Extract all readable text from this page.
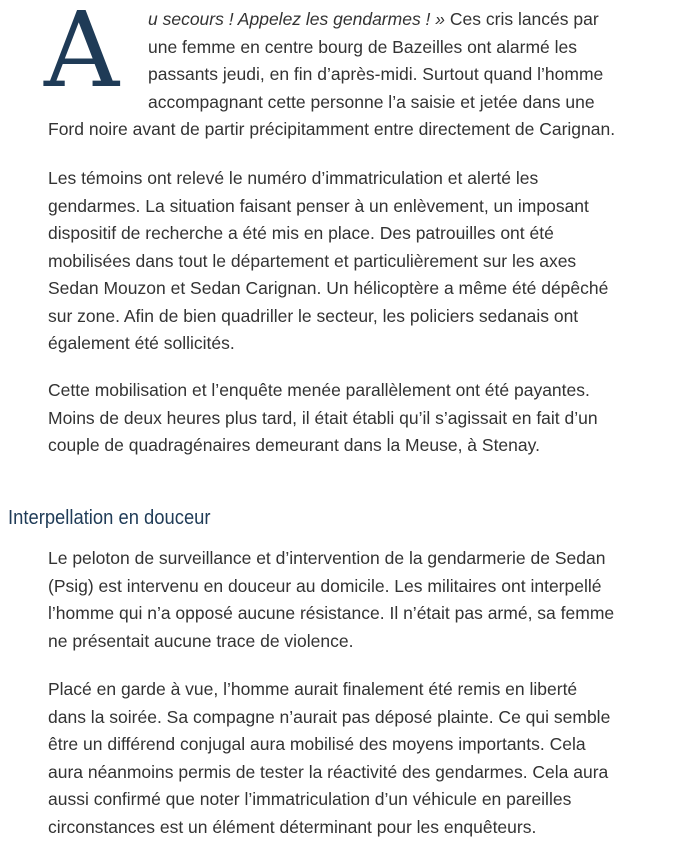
A	u secours ! Appelez les gendarmes ! » Ces cris lancés par
une femme en centre bourg de Bazeilles ont alarmé les
passants jeudi, en fin d’après-midi. Surtout quand l’homme
accompagnant cette personne l’a saisie et jetée dans une
Ford noire avant de partir précipitamment entre directement de Carignan.

Les témoins ont relevé le numéro d’immatriculation et alerté les
gendarmes. La situation faisant penser à un enlèvement, un imposant
dispositif de recherche a été mis en place. Des patrouilles ont été
mobilisées dans tout le département et particulièrement sur les axes
Sedan Mouzon et Sedan Carignan. Un hélicoptère a même été dépêché
sur zone. Afin de bien quadriller le secteur, les policiers sedanais ont
également été sollicités.

Cette mobilisation et l’enquête menée parallèlement ont été payantes.
Moins de deux heures plus tard, il était établi qu’il s’agissait en fait d’un
couple de quadragénaires demeurant dans la Meuse, à Stenay.

Interpellation en douceur

Le peloton de surveillance et d’intervention de la gendarmerie de Sedan
(Psig) est intervenu en douceur au domicile. Les militaires ont interpellé
l’homme qui n’a opposé aucune résistance. Il n’était pas armé, sa femme
ne présentait aucune trace de violence.

Placé en garde à vue, l’homme aurait finalement été remis en liberté
dans la soirée. Sa compagne n’aurait pas déposé plainte. Ce qui semble
être un différend conjugal aura mobilisé des moyens importants. Cela
aura néanmoins permis de tester la réactivité des gendarmes. Cela aura
aussi confirmé que noter l’immatriculation d’un véhicule en pareilles
circonstances est un élément déterminant pour les enquêteurs.
